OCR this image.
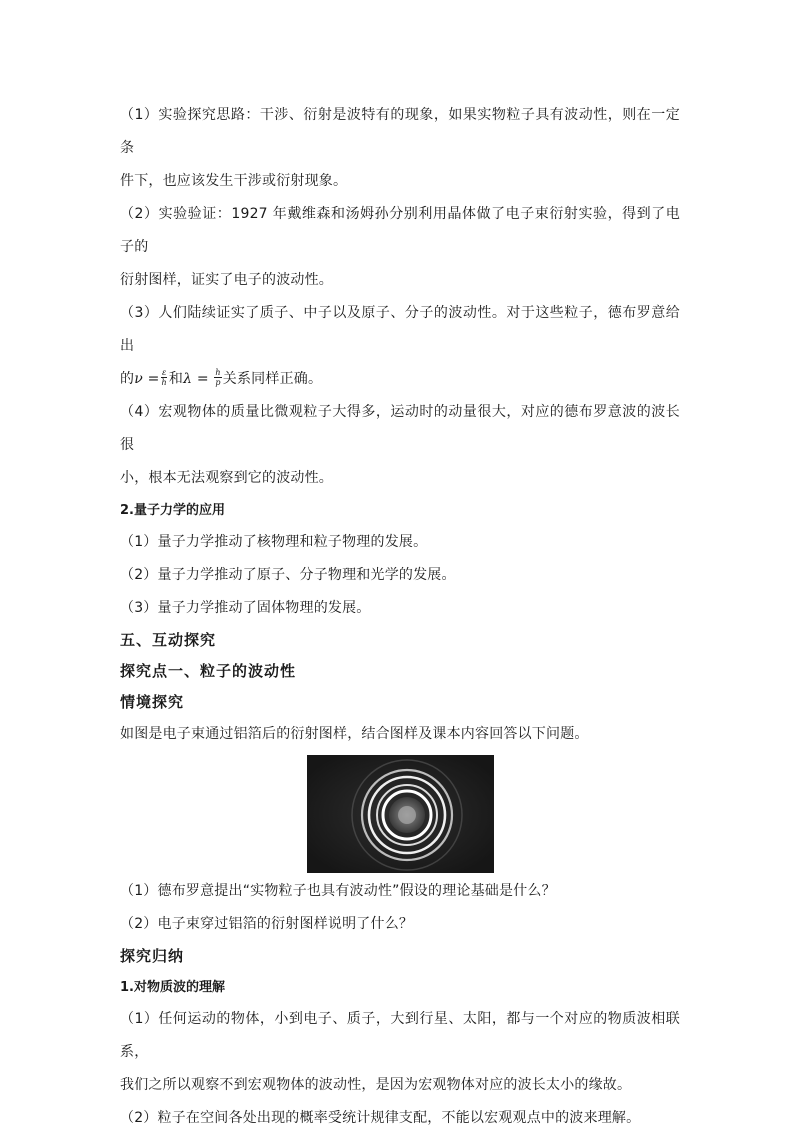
（1）实验探究思路：干涉、衍射是波特有的现象，如果实物粒子具有波动性，则在一定条

件下，也应该发生干涉或衍射现象。

（2）实验验证：1927 年戴维森和汤姆孙分别利用晶体做了电子束衍射实验，得到了电子的

衍射图样，证实了电子的波动性。

（3）人们陆续证实了质子、中子以及原子、分子的波动性。对于这些粒子，德布罗意给出

的$\nu = \frac{\varepsilon}{h}$ 和$\lambda = \frac{h}{p}$ 关系同样正确。

（4）宏观物体的质量比微观粒子大得多，运动时的动量很大，对应的德布罗意波的波长很

小，根本无法观察到它的波动性。

2.量子力学的应用

（1）量子力学推动了核物理和粒子物理的发展。

（2）量子力学推动了原子、分子物理和光学的发展。

（3）量子力学推动了固体物理的发展。

五、互动探究

探究点一、粒子的波动性

情境探究

如图是电子束通过铝箔后的衍射图样，结合图样及课本内容回答以下问题。

（1）德布罗意提出“实物粒子也具有波动性”假设的理论基础是什么？

（2）电子束穿过铝箔的衍射图样说明了什么？

探究归纳

1.对物质波的理解

（1）任何运动的物体，小到电子、质子，大到行星、太阳，都与一个对应的物质波相联系，

我们之所以观察不到宏观物体的波动性，是因为宏观物体对应的波长太小的缘故。

（2）粒子在空间各处出现的概率受统计规律支配，不能以宏观观点中的波来理解。
